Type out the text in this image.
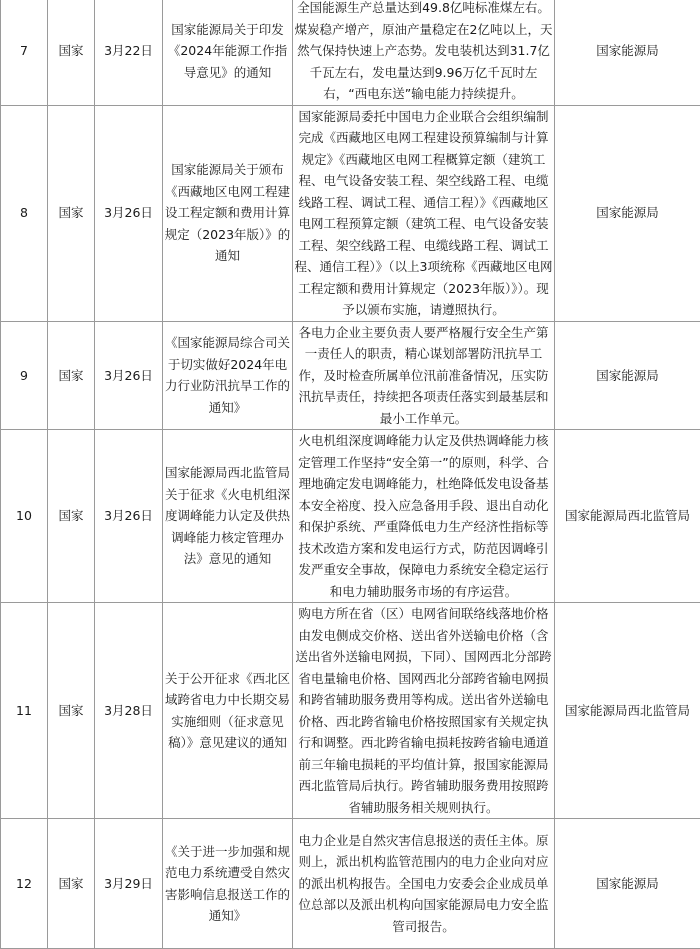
7	国家	3月22日	国家能源局关于印发《2024年能源工作指导意见》的通知	全国能源生产总量达到49.8亿吨标准煤左右。煤炭稳产增产，原油产量稳定在2亿吨以上，天然气保持快速上产态势。发电装机达到31.7亿千瓦左右，发电量达到9.96万亿千瓦时左右，“西电东送”输电能力持续提升。	国家能源局
8	国家	3月26日	国家能源局关于颁布《西藏地区电网工程建设工程定额和费用计算规定（2023年版）》的通知	国家能源局委托中国电力企业联合会组织编制完成《西藏地区电网工程建设预算编制与计算规定》《西藏地区电网工程概算定额（建筑工程、电气设备安装工程、架空线路工程、电缆线路工程、调试工程、通信工程）》《西藏地区电网工程预算定额（建筑工程、电气设备安装工程、架空线路工程、电缆线路工程、调试工程、通信工程）》（以上3项统称《西藏地区电网工程定额和费用计算规定（2023年版）》）。现予以颁布实施，请遵照执行。	国家能源局
9	国家	3月26日	《国家能源局综合司关于切实做好2024年电力行业防汛抗旱工作的通知》	各电力企业主要负责人要严格履行安全生产第一责任人的职责，精心谋划部署防汛抗旱工作，及时检查所属单位汛前准备情况，压实防汛抗旱责任，持续把各项责任落实到最基层和最小工作单元。	国家能源局
10	国家	3月26日	国家能源局西北监管局关于征求《火电机组深度调峰能力认定及供热调峰能力核定管理办法》意见的通知	火电机组深度调峰能力认定及供热调峰能力核定管理工作坚持“安全第一”的原则，科学、合理地确定发电调峰能力，杜绝降低发电设备基本安全裕度、投入应急备用手段、退出自动化和保护系统、严重降低电力生产经济性指标等技术改造方案和发电运行方式，防范因调峰引发严重安全事故，保障电力系统安全稳定运行和电力辅助服务市场的有序运营。	国家能源局西北监管局
11	国家	3月28日	关于公开征求《西北区域跨省电力中长期交易实施细则（征求意见稿）》意见建议的通知	购电方所在省（区）电网省间联络线落地价格由发电侧成交价格、送出省外送输电价格（含送出省外送输电网损，下同）、国网西北分部跨省电量输电价格、国网西北分部跨省输电网损和跨省辅助服务费用等构成。送出省外送输电价格、西北跨省输电价格按照国家有关规定执行和调整。西北跨省输电损耗按跨省输电通道前三年输电损耗的平均值计算，报国家能源局西北监管局后执行。跨省辅助服务费用按照跨省辅助服务相关规则执行。	国家能源局西北监管局
12	国家	3月29日	《关于进一步加强和规范电力系统遭受自然灾害影响信息报送工作的通知》	电力企业是自然灾害信息报送的责任主体。原则上，派出机构监管范围内的电力企业向对应的派出机构报告。全国电力安委会企业成员单位总部以及派出机构向国家能源局电力安全监管司报告。	国家能源局
